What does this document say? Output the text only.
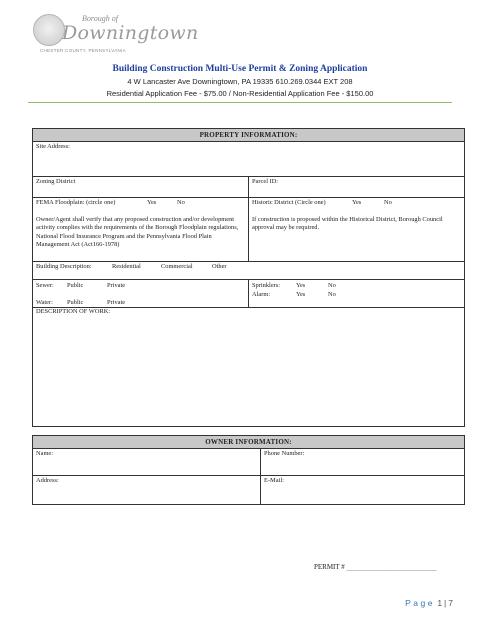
Borough of
Downingtown
CHESTER COUNTY, PENNSYLVANIA
Building Construction Multi-Use Permit & Zoning Application
4 W Lancaster Ave Downingtown, PA 19335 610.269.0344 EXT 208
Residential Application Fee - $75.00 / Non-Residential Application Fee - $150.00
PROPERTY INFORMATION:
Site Address:
Zoning District	Parcel ID:
FEMA Floodplain: (circle one)	Yes	No	Historic District (Circle one)	Yes	No
Owner/Agent shall verify that any proposed construction and/or development activity complies with the requirements of the Borough Floodplain regulations, National Flood Insurance Program and the Pennsylvania Flood Plain Management Act (Act166-1978)
If construction is proposed within the Historical District, Borough Council approval may be required.
Building Description:	Residential	Commercial	Other
Sewer: Public	Private
Water: Public	Private
Sprinklers: Yes	No
Alarm:	Yes	No
DESCRIPTION OF WORK:
OWNER INFORMATION:
Name:	Phone Number:
Address:	E-Mail:
PERMIT # ___________________________
Page 1 | 7
